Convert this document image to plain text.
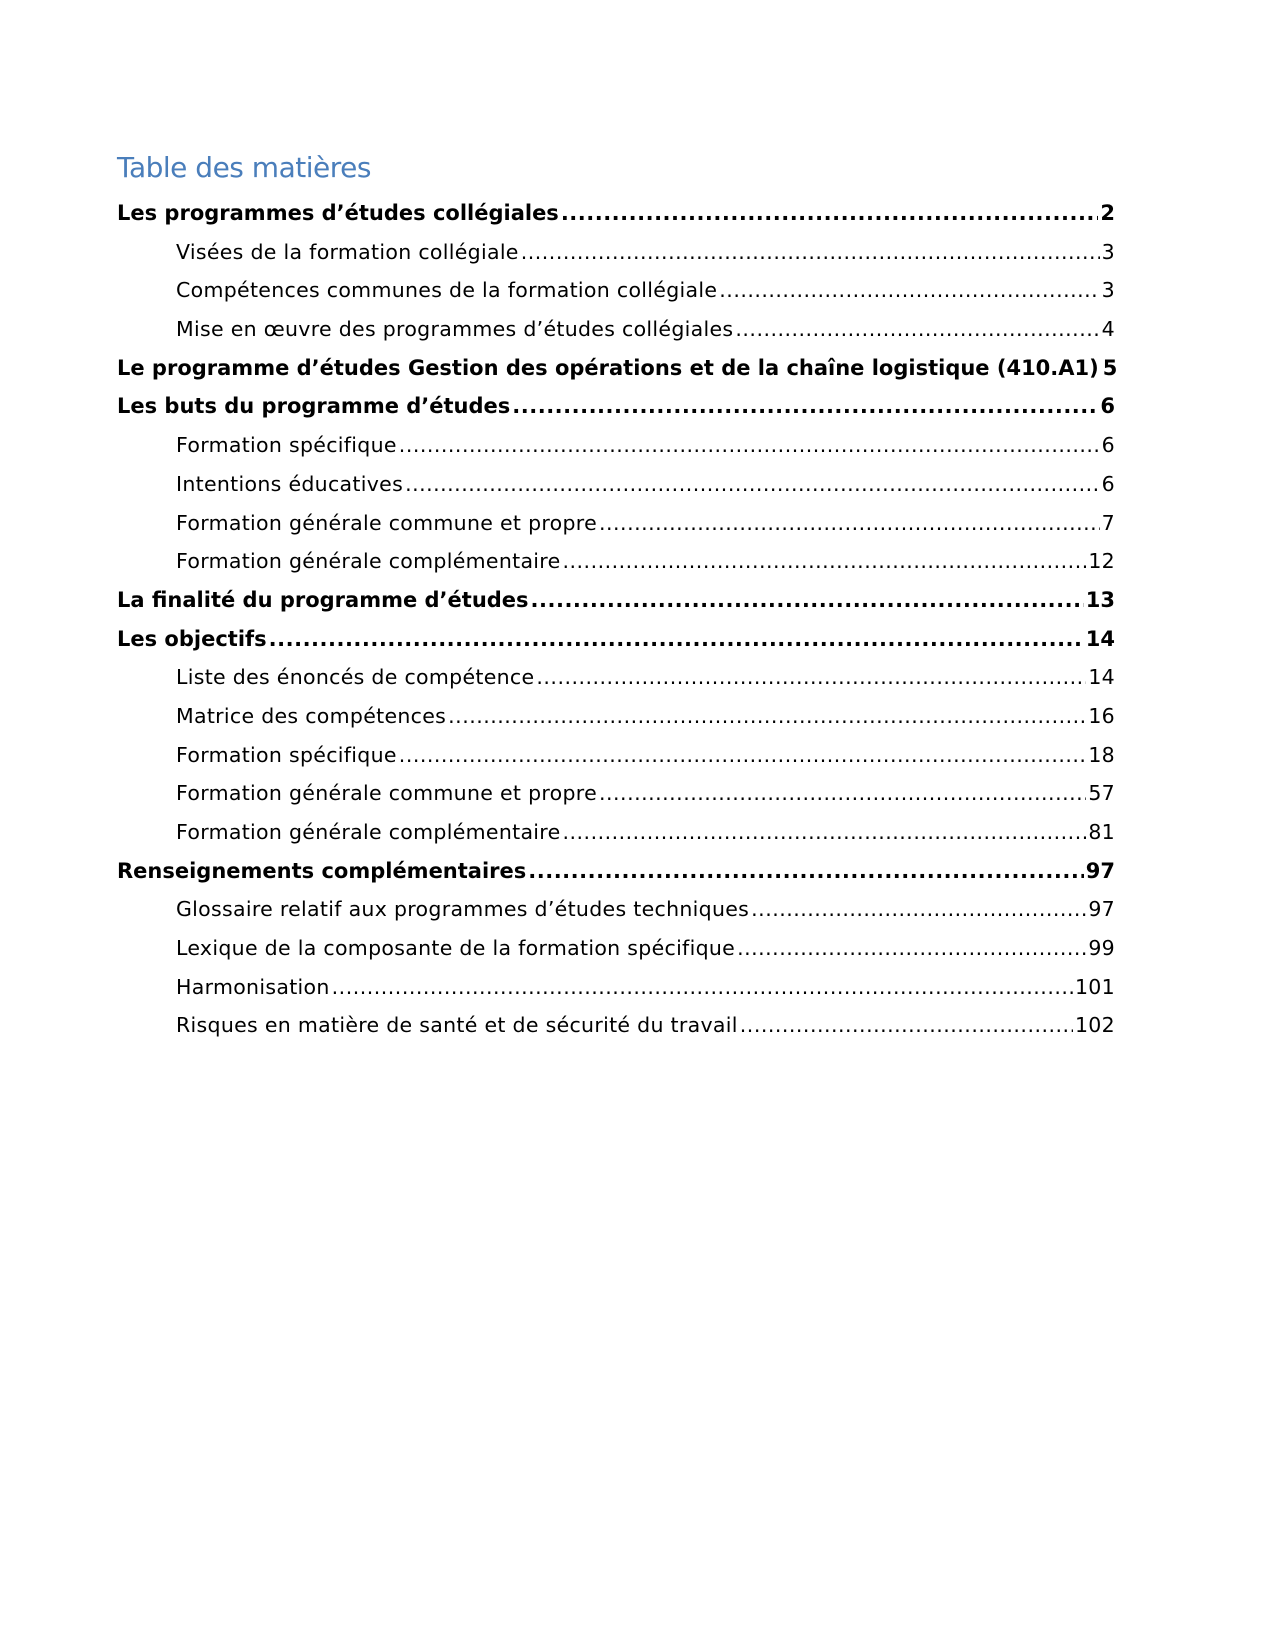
Table des matières
Les programmes d’études collégiales .....	2
Visées de la formation collégiale .....	3
Compétences communes de la formation collégiale .....	3
Mise en œuvre des programmes d’études collégiales .....	4
Le programme d’études Gestion des opérations et de la chaîne logistique (410.A1) 5
Les buts du programme d’études .....	6
Formation spécifique .....	6
Intentions éducatives .....	6
Formation générale commune et propre .....	7
Formation générale complémentaire .....	12
La finalité du programme d’études .....	13
Les objectifs .....	14
Liste des énoncés de compétence .....	14
Matrice des compétences .....	16
Formation spécifique .....	18
Formation générale commune et propre .....	57
Formation générale complémentaire .....	81
Renseignements complémentaires .....	97
Glossaire relatif aux programmes d’études techniques .....	97
Lexique de la composante de la formation spécifique .....	99
Harmonisation .....	101
Risques en matière de santé et de sécurité du travail .....	102
